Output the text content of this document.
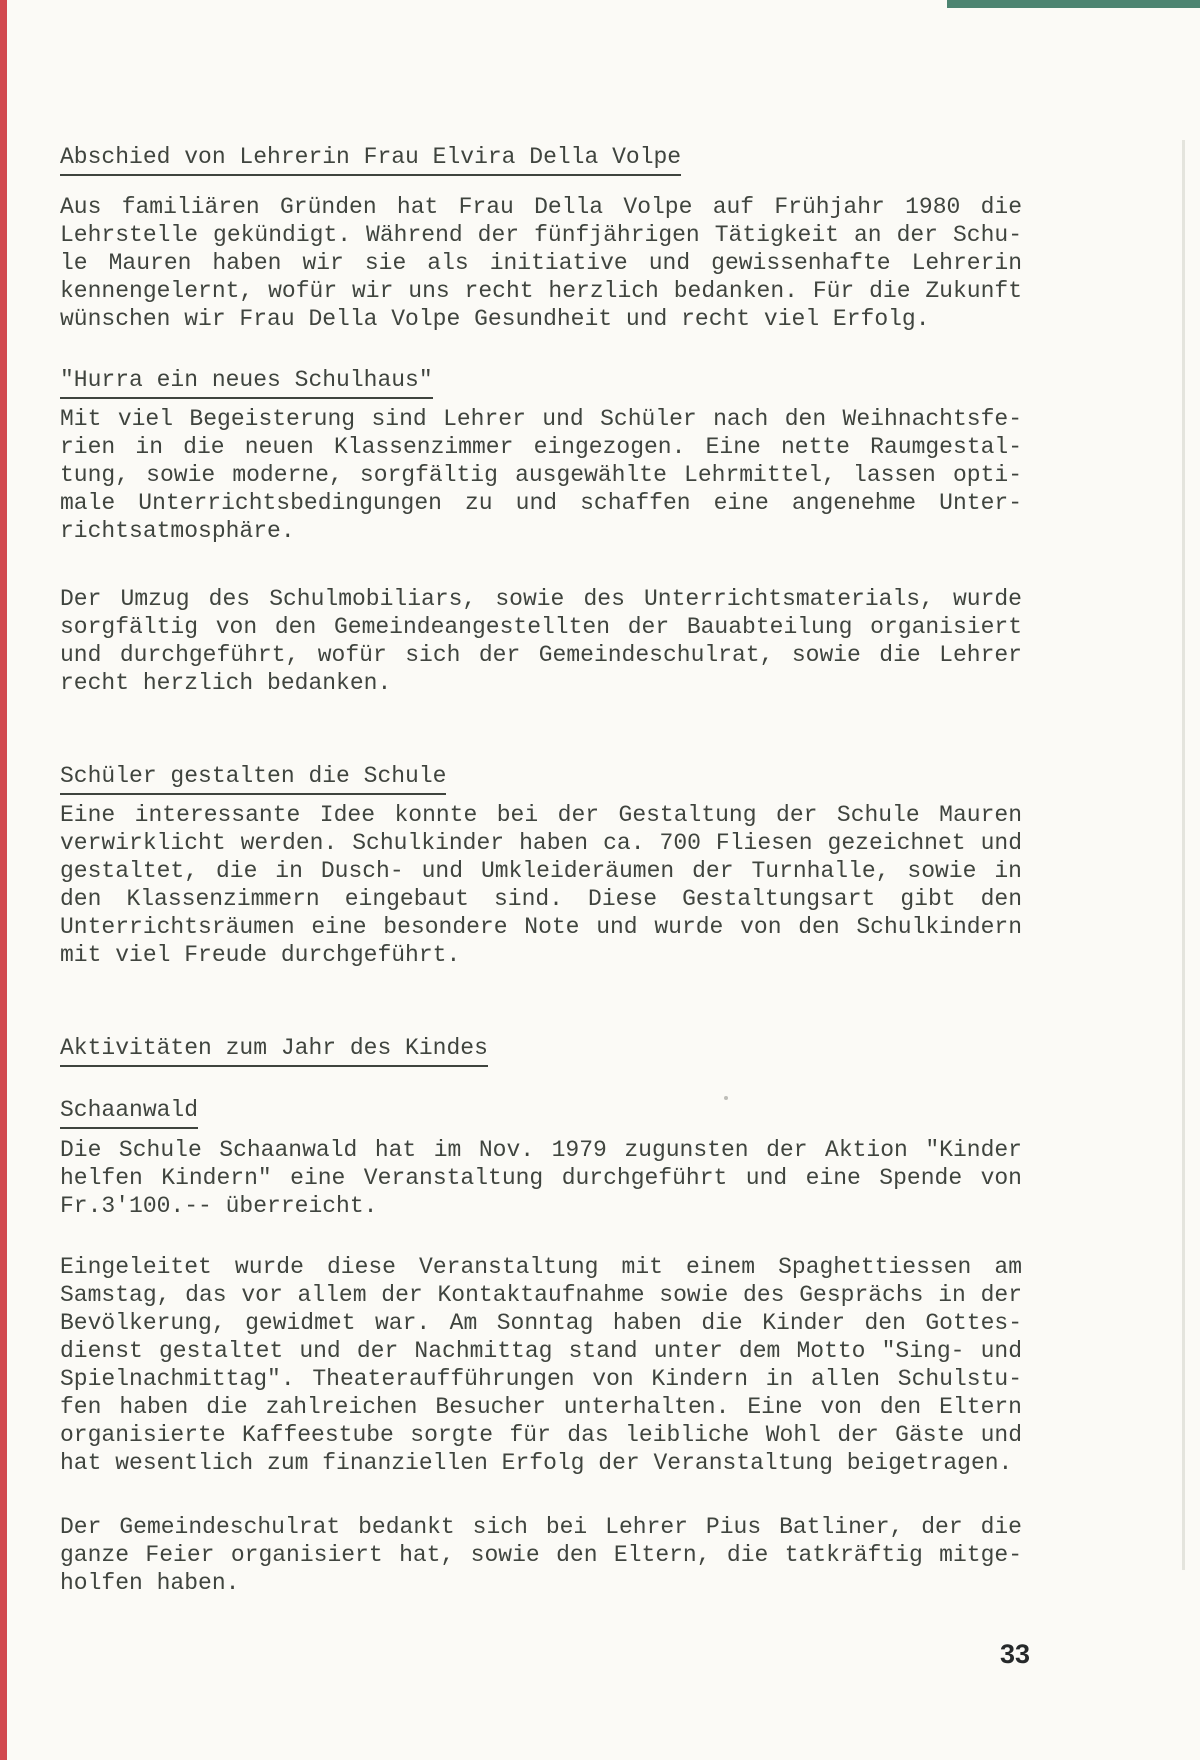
Abschied von Lehrerin Frau Elvira Della Volpe
Aus familiären Gründen hat Frau Della Volpe auf Frühjahr 1980 die
Lehrstelle gekündigt. Während der fünfjährigen Tätigkeit an der Schu-
le Mauren haben wir sie als initiative und gewissenhafte Lehrerin
kennengelernt, wofür wir uns recht herzlich bedanken. Für die Zukunft
wünschen wir Frau Della Volpe Gesundheit und recht viel Erfolg.
"Hurra ein neues Schulhaus"
Mit viel Begeisterung sind Lehrer und Schüler nach den Weihnachtsfe-
rien in die neuen Klassenzimmer eingezogen. Eine nette Raumgestal-
tung, sowie moderne, sorgfältig ausgewählte Lehrmittel, lassen opti-
male Unterrichtsbedingungen zu und schaffen eine angenehme Unter-
richtsatmosphäre.
Der Umzug des Schulmobiliars, sowie des Unterrichtsmaterials, wurde
sorgfältig von den Gemeindeangestellten der Bauabteilung organisiert
und durchgeführt, wofür sich der Gemeindeschulrat, sowie die Lehrer
recht herzlich bedanken.
Schüler gestalten die Schule
Eine interessante Idee konnte bei der Gestaltung der Schule Mauren
verwirklicht werden. Schulkinder haben ca. 700 Fliesen gezeichnet und
gestaltet, die in Dusch- und Umkleideräumen der Turnhalle, sowie in
den Klassenzimmern eingebaut sind. Diese Gestaltungsart gibt den
Unterrichtsräumen eine besondere Note und wurde von den Schulkindern
mit viel Freude durchgeführt.
Aktivitäten zum Jahr des Kindes
Schaanwald
Die Schule Schaanwald hat im Nov. 1979 zugunsten der Aktion "Kinder
helfen Kindern" eine Veranstaltung durchgeführt und eine Spende von
Fr.3'100.-- überreicht.
Eingeleitet wurde diese Veranstaltung mit einem Spaghettiessen am
Samstag, das vor allem der Kontaktaufnahme sowie des Gesprächs in der
Bevölkerung, gewidmet war. Am Sonntag haben die Kinder den Gottes-
dienst gestaltet und der Nachmittag stand unter dem Motto "Sing- und
Spielnachmittag". Theateraufführungen von Kindern in allen Schulstu-
fen haben die zahlreichen Besucher unterhalten. Eine von den Eltern
organisierte Kaffeestube sorgte für das leibliche Wohl der Gäste und
hat wesentlich zum finanziellen Erfolg der Veranstaltung beigetragen.
Der Gemeindeschulrat bedankt sich bei Lehrer Pius Batliner, der die
ganze Feier organisiert hat, sowie den Eltern, die tatkräftig mitge-
holfen haben.
33
